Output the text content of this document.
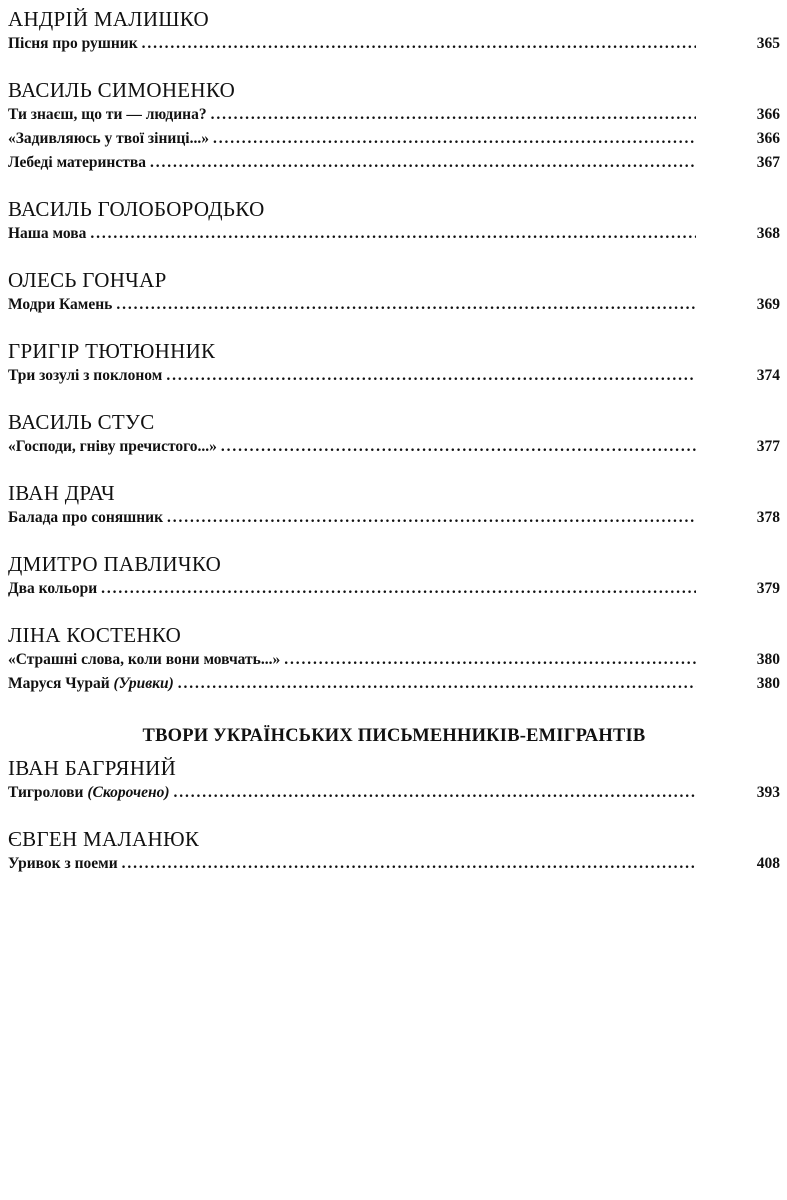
АНДРІЙ МАЛИШКО
Пісня про рушник . . .	365
ВАСИЛЬ СИМОНЕНКО
Ти знаєш, що ти — людина? . . .	366
«Задивляюсь у твої зіниці...» . . .	366
Лебеді материнства . . .	367
ВАСИЛЬ ГОЛОБОРОДЬКО
Наша мова . . .	368
ОЛЕСЬ ГОНЧАР
Модри Камень . . .	369
ГРИГІР ТЮТЮННИК
Три зозулі з поклоном . . .	374
ВАСИЛЬ СТУС
«Господи, гніву пречистого...» . . .	377
ІВАН ДРАЧ
Балада про соняшник . . .	378
ДМИТРО ПАВЛИЧКО
Два кольори . . .	379
ЛІНА КОСТЕНКО
«Страшні слова, коли вони мовчать...» . . .	380
Маруся Чурай (Уривки) . . .	380
ТВОРИ УКРАЇНСЬКИХ ПИСЬМЕННИКІВ-ЕМІГРАНТІВ
ІВАН БАГРЯНИЙ
Тигролови (Скорочено) . . .	393
ЄВГЕН МАЛАНЮК
Уривок з поеми . . .	408
